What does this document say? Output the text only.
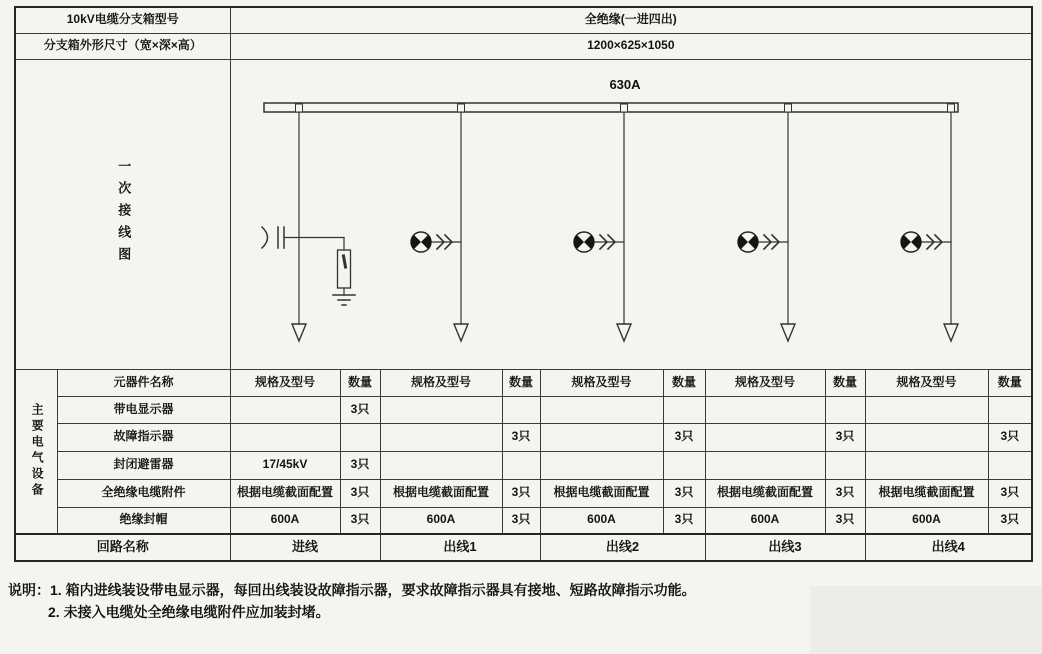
10kV电缆分支箱型号		全绝缘(一进四出)									
分支箱外形尺寸（宽×深×高）		1200×625×1050									

一次接线图		630A									

主要电气设备	元器件名称	规格及型号	数量	规格及型号	数量	规格及型号	数量	规格及型号	数量	规格及型号	数量
	带电显示器		3只								
	故障指示器				3只		3只		3只		3只
	封闭避雷器	17/45kV	3只								
	全绝缘电缆附件	根据电缆截面配置	3只	根据电缆截面配置	3只	根据电缆截面配置	3只	根据电缆截面配置	3只	根据电缆截面配置	3只
	绝缘封帽	600A	3只	600A	3只	600A	3只	600A	3只	600A	3只
回路名称		进线		出线1		出线2		出线3		出线4	
说明：1. 箱内进线装设带电显示器，每回出线装设故障指示器，要求故障指示器具有接地、短路故障指示功能。
2. 未接入电缆处全绝缘电缆附件应加装封堵。
